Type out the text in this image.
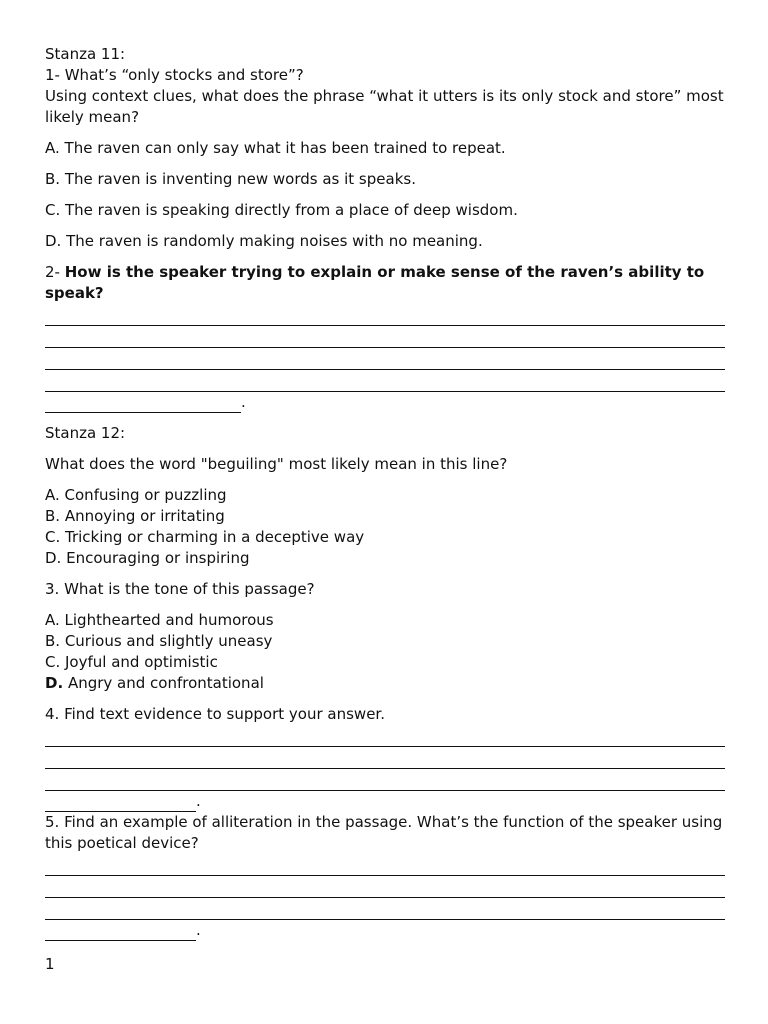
Stanza 11:

1- What’s “only stocks and store”?

Using context clues, what does the phrase “what it utters is its only stock and store” most likely mean?

A. The raven can only say what it has been trained to repeat.

B. The raven is inventing new words as it speaks.

C. The raven is speaking directly from a place of deep wisdom.

D. The raven is randomly making noises with no meaning.

2- How is the speaker trying to explain or make sense of the raven’s ability to speak?

.

Stanza 12:

What does the word "beguiling" most likely mean in this line?

A. Confusing or puzzling

B. Annoying or irritating

C. Tricking or charming in a deceptive way

D. Encouraging or inspiring

3. What is the tone of this passage?

A. Lighthearted and humorous

B. Curious and slightly uneasy

C. Joyful and optimistic

D. Angry and confrontational

4. Find text evidence to support your answer.

.

5. Find an example of alliteration in the passage. What’s the function of the speaker using this poetical device?

.

1
